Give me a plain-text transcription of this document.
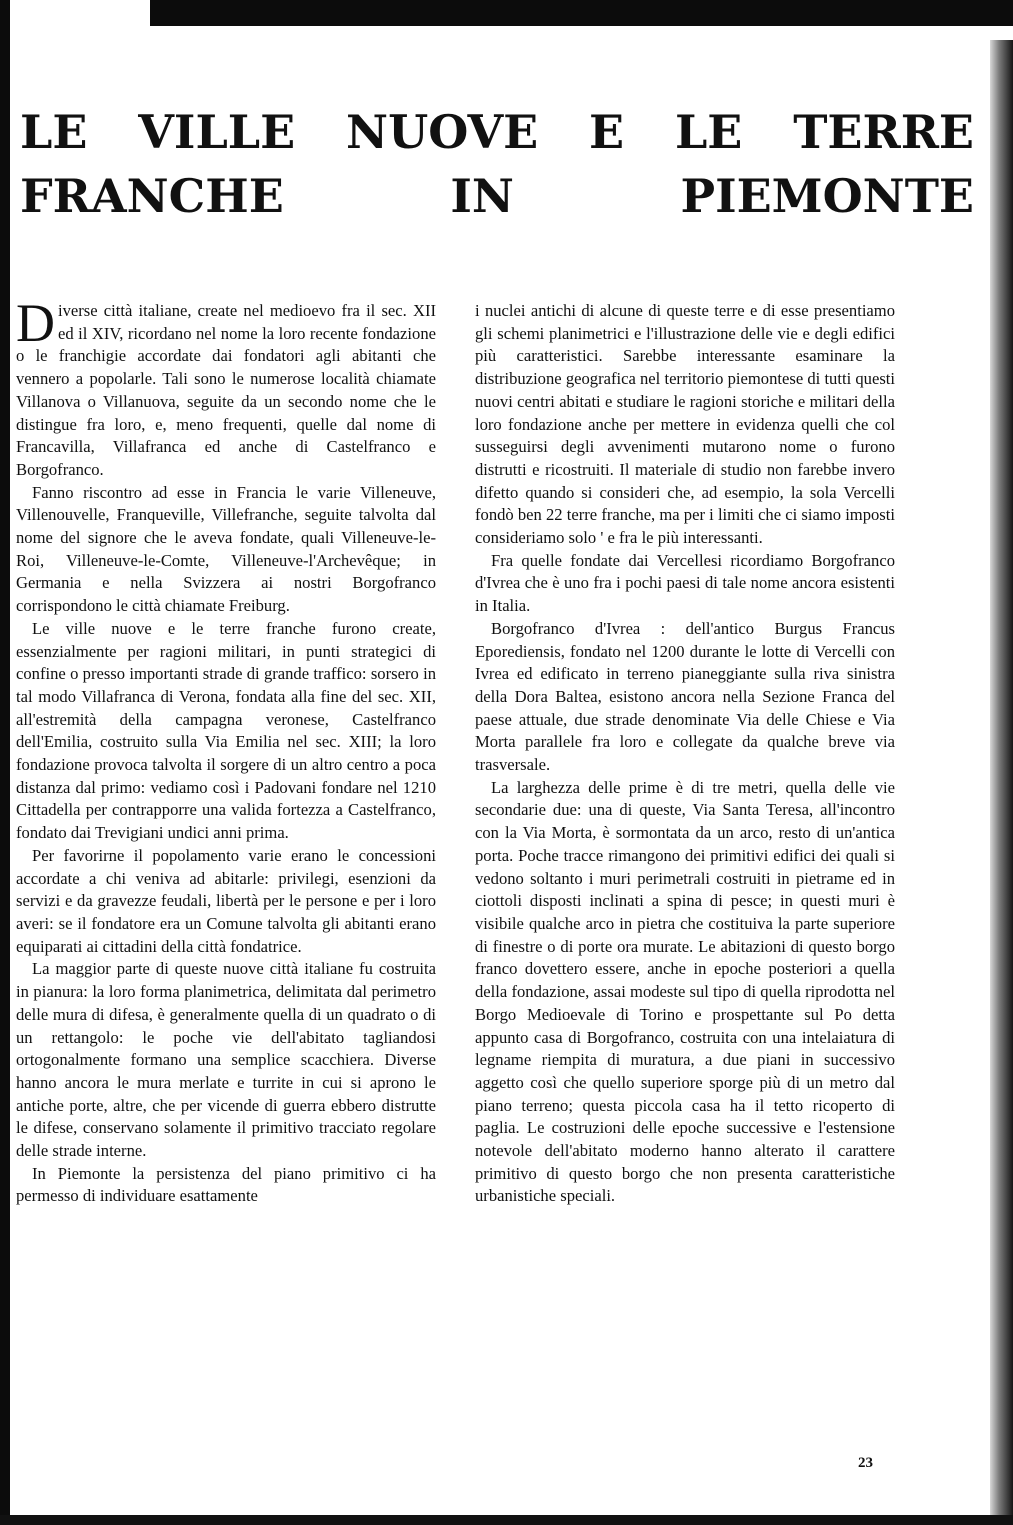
LE VILLE NUOVE E LE TERRE
FRANCHE IN PIEMONTE

Diverse città italiane, create nel medioevo fra il sec. XII ed il XIV, ricordano nel nome la loro recente fondazione o le franchigie accordate dai fondatori agli abitanti che vennero a popolarle. Tali sono le numerose località chiamate Villanova o Villanuova, seguite da un secondo nome che le distingue fra loro, e, meno frequenti, quelle dal nome di Francavilla, Villafranca ed anche di Castelfranco e Borgofranco.

Fanno riscontro ad esse in Francia le varie Villeneuve, Villenouvelle, Franqueville, Villefranche, seguite talvolta dal nome del signore che le aveva fondate, quali Villeneuve-le-Roi, Villeneuve-le-Comte, Villeneuve-l'Archevêque; in Germania e nella Svizzera ai nostri Borgofranco corrispondono le città chiamate Freiburg.

Le ville nuove e le terre franche furono create, essenzialmente per ragioni militari, in punti strategici di confine o presso importanti strade di grande traffico: sorsero in tal modo Villafranca di Verona, fondata alla fine del sec. XII, all'estremità della campagna veronese, Castelfranco dell'Emilia, costruito sulla Via Emilia nel sec. XIII; la loro fondazione provoca talvolta il sorgere di un altro centro a poca distanza dal primo: vediamo così i Padovani fondare nel 1210 Cittadella per contrapporre una valida fortezza a Castelfranco, fondato dai Trevigiani undici anni prima.

Per favorirne il popolamento varie erano le concessioni accordate a chi veniva ad abitarle: privilegi, esenzioni da servizi e da gravezze feudali, libertà per le persone e per i loro averi: se il fondatore era un Comune talvolta gli abitanti erano equiparati ai cittadini della città fondatrice.

La maggior parte di queste nuove città italiane fu costruita in pianura: la loro forma planimetrica, delimitata dal perimetro delle mura di difesa, è generalmente quella di un quadrato o di un rettangolo: le poche vie dell'abitato tagliandosi ortogonalmente formano una semplice scacchiera. Diverse hanno ancora le mura merlate e turrite in cui si aprono le antiche porte, altre, che per vicende di guerra ebbero distrutte le difese, conservano solamente il primitivo tracciato regolare delle strade interne.

In Piemonte la persistenza del piano primitivo ci ha permesso di individuare esattamente

i nuclei antichi di alcune di queste terre e di esse presentiamo gli schemi planimetrici e l'illustrazione delle vie e degli edifici più caratteristici. Sarebbe interessante esaminare la distribuzione geografica nel territorio piemontese di tutti questi nuovi centri abitati e studiare le ragioni storiche e militari della loro fondazione anche per mettere in evidenza quelli che col susseguirsi degli avvenimenti mutarono nome o furono distrutti e ricostruiti. Il materiale di studio non farebbe invero difetto quando si consideri che, ad esempio, la sola Vercelli fondò ben 22 terre franche, ma per i limiti che ci siamo imposti consideriamo solo ' e fra le più interessanti.

Fra quelle fondate dai Vercellesi ricordiamo Borgofranco d'Ivrea che è uno fra i pochi paesi di tale nome ancora esistenti in Italia.

Borgofranco d'Ivrea : dell'antico Burgus Francus Eporediensis, fondato nel 1200 durante le lotte di Vercelli con Ivrea ed edificato in terreno pianeggiante sulla riva sinistra della Dora Baltea, esistono ancora nella Sezione Franca del paese attuale, due strade denominate Via delle Chiese e Via Morta parallele fra loro e collegate da qualche breve via trasversale.

La larghezza delle prime è di tre metri, quella delle vie secondarie due: una di queste, Via Santa Teresa, all'incontro con la Via Morta, è sormontata da un arco, resto di un'antica porta. Poche tracce rimangono dei primitivi edifici dei quali si vedono soltanto i muri perimetrali costruiti in pietrame ed in ciottoli disposti inclinati a spina di pesce; in questi muri è visibile qualche arco in pietra che costituiva la parte superiore di finestre o di porte ora murate. Le abitazioni di questo borgo franco dovettero essere, anche in epoche posteriori a quella della fondazione, assai modeste sul tipo di quella riprodotta nel Borgo Medioevale di Torino e prospettante sul Po detta appunto casa di Borgofranco, costruita con una intelaiatura di legname riempita di muratura, a due piani in successivo aggetto così che quello superiore sporge più di un metro dal piano terreno; questa piccola casa ha il tetto ricoperto di paglia. Le costruzioni delle epoche successive e l'estensione notevole dell'abitato moderno hanno alterato il carattere primitivo di questo borgo che non presenta caratteristiche urbanistiche speciali.

23
